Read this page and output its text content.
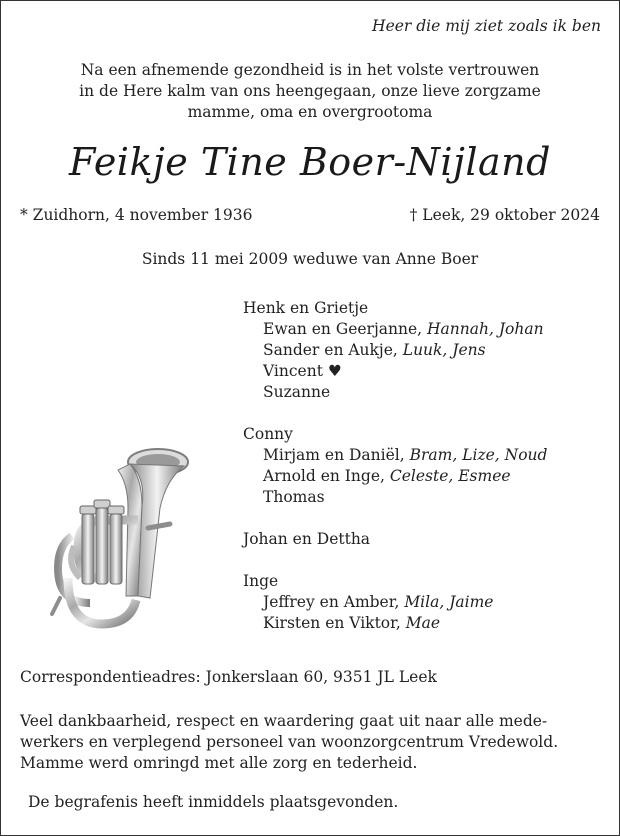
Heer die mij ziet zoals ik ben

Na een afnemende gezondheid is in het volste vertrouwen
in de Here kalm van ons heengegaan, onze lieve zorgzame
mamme, oma en overgrootoma
Feikje Tine Boer-Nijland

* Zuidhorn, 4 november 1936	† Leek, 29 oktober 2024

Sinds 11 mei 2009 weduwe van Anne Boer

Henk en Grietje
Ewan en Geerjanne, Hannah, Johan
Sander en Aukje, Luuk, Jens
Vincent ♥
Suzanne
Conny
Mirjam en Daniël, Bram, Lize, Noud
Arnold en Inge, Celeste, Esmee
Thomas
Johan en Dettha
Inge
Jeffrey en Amber, Mila, Jaime
Kirsten en Viktor, Mae

Correspondentieadres: Jonkerslaan 60, 9351 JL Leek

Veel dankbaarheid, respect en waardering gaat uit naar alle mede-
werkers en verplegend personeel van woonzorgcentrum Vredewold.
Mamme werd omringd met alle zorg en tederheid.

De begrafenis heeft inmiddels plaatsgevonden.
